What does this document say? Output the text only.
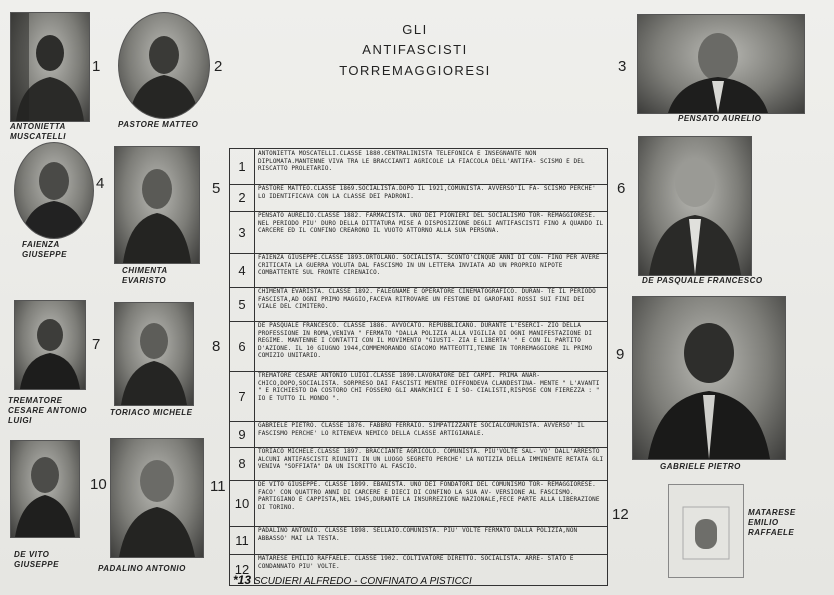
GLI
ANTIFASCISTI
TORREMAGGIORESI
1
ANTONIETTA MUSCATELLI
2
PASTORE MATTEO
3
PENSATO AURELIO
4
FAIENZA GIUSEPPE
5
CHIMENTA EVARISTO
6
DE PASQUALE FRANCESCO
7
TREMATORE CESARE ANTONIO LUIGI
8
TORIACO MICHELE
9
GABRIELE PIETRO
10
DE VITO GIUSEPPE
11
PADALINO ANTONIO
12	MATARESE EMILIO RAFFAELE
1
ANTONIETTA MOSCATELLI.CLASSE 1880.CENTRALINISTA TELEFONICA E INSEGNANTE NON DIPLOMATA.MANTENNE VIVA TRA LE BRACCIANTI AGRICOLE LA FIACCOLA DELL'ANTIFA- SCISMO E DEL RISCATTO PROLETARIO.
2
PASTORE MATTEO.CLASSE 1869.SOCIALISTA.DOPO IL 1921,COMUNISTA. AVVERSO'IL FA- SCISMO PERCHE' LO IDENTIFICAVA CON LA CLASSE DEI PADRONI.
3
PENSATO AURELIO.CLASSE 1882. FARMACISTA. UNO DEI PIONIERI DEL SOCIALISMO TOR- REMAGGIORESE. NEL PERIODO PIU' DURO DELLA DITTATURA MISE A DISPOSIZIONE DEGLI ANTIFASCISTI FINO A QUANDO IL CARCERE ED IL CONFINO CREARONO IL VUOTO ATTORNO ALLA SUA PERSONA.
4
FAIENZA GIUSEPPE.CLASSE 1893.ORTOLANO. SOCIALISTA. SCONTO'CINQUE ANNI DI CON- FINO PER AVERE CRITICATA LA GUERRA VOLUTA DAL FASCISMO IN UN LETTERA INVIATA AD UN PROPRIO NIPOTE COMBATTENTE SUL FRONTE CIRENAICO.
5
CHIMENTA EVARISTA. CLASSE 1892. FALEGNAME E OPERATORE CINEMATOGRAFICO. DURAN- TE IL PERIODO FASCISTA,AD OGNI PRIMO MAGGIO,FACEVA RITROVARE UN FESTONE DI GAROFANI ROSSI SUI FINI DEI VIALE DEL CIMITERO.
6
DE PASQUALE FRANCESCO. CLASSE 1886. AVVOCATO. REPUBBLICANO. DURANTE L'ESERCI- ZIO DELLA PROFESSIONE IN ROMA,VENIVA " FERMATO "DALLA POLIZIA ALLA VIGILIA DI OGNI MANIFESTAZIONE DI REGIME. MANTENNE I CONTATTI CON IL MOVIMENTO "GIUSTI- ZIA E LIBERTA' " E CON IL PARTITO D'AZIONE. IL 10 GIUGNO 1944,COMMEMORANDO GIACOMO MATTEOTTI,TENNE IN TORREMAGGIORE IL PRIMO COMIZIO UNITARIO.
7
TREMATORE CESARE ANTONIO LUIGI.CLASSE 1890.LAVORATORE DEI CAMPI. PRIMA ANAR- CHICO,DOPO,SOCIALISTA. SORPRESO DAI FASCISTI MENTRE DIFFONDEVA CLANDESTINA- MENTE " L'AVANTI " E RICHIESTO DA COSTORO CHI FOSSERO GLI ANARCHICI E I SO- CIALISTI,RISPOSE CON FIEREZZA : " IO E TUTTO IL MONDO ".
9
GABRIELE PIETRO. CLASSE 1876. FABBRO FERRAIO. SIMPATIZZANTE SOCIALCOMUNISTA. AVVERSO' IL FASCISMO PERCHE' LO RITENEVA NEMICO DELLA CLASSE ARTIGIANALE.
8
TORIACO MICHELE.CLASSE 1897. BRACCIANTE AGRICOLO. COMUNISTA. PIU'VOLTE SAL- VO' DALL'ARRESTO ALCUNI ANTIFASCISTI RIUNITI IN UN LUOGO SEGRETO PERCHE' LA NOTIZIA DELLA IMMINENTE RETATA GLI VENIVA "SOFFIATA" DA UN ISCRITTO AL FASCIO.
10
DE VITO GIUSEPPE. CLASSE 1899. EBANISTA. UNO DEI FONDATORI DEL COMUNISMO TOR- REMAGGIORESE. FACO' CON QUATTRO ANNI DI CARCERE E DIECI DI CONFINO LA SUA AV- VERSIONE AL FASCISMO. PARTIGIANO E CAPPISTA,NEL 1945,DURANTE LA INSURREZIONE NAZIONALE,FECE PARTE ALLA LIBERAZIONE DI TORINO.
11
PADALINO ANTONIO. CLASSE 1898. SELLAIO.COMUNISTA. PIU' VOLTE FERMATO DALLA POLIZIA,NON ABBASSO' MAI LA TESTA.
12
MATARESE EMILIO RAFFAELE. CLASSE 1902. COLTIVATORE DIRETTO. SOCIALISTA. ARRE- STATO E CONDANNATO PIU' VOLTE.
*13 SCUDIERI ALFREDO - CONFINATO A PISTICCI
